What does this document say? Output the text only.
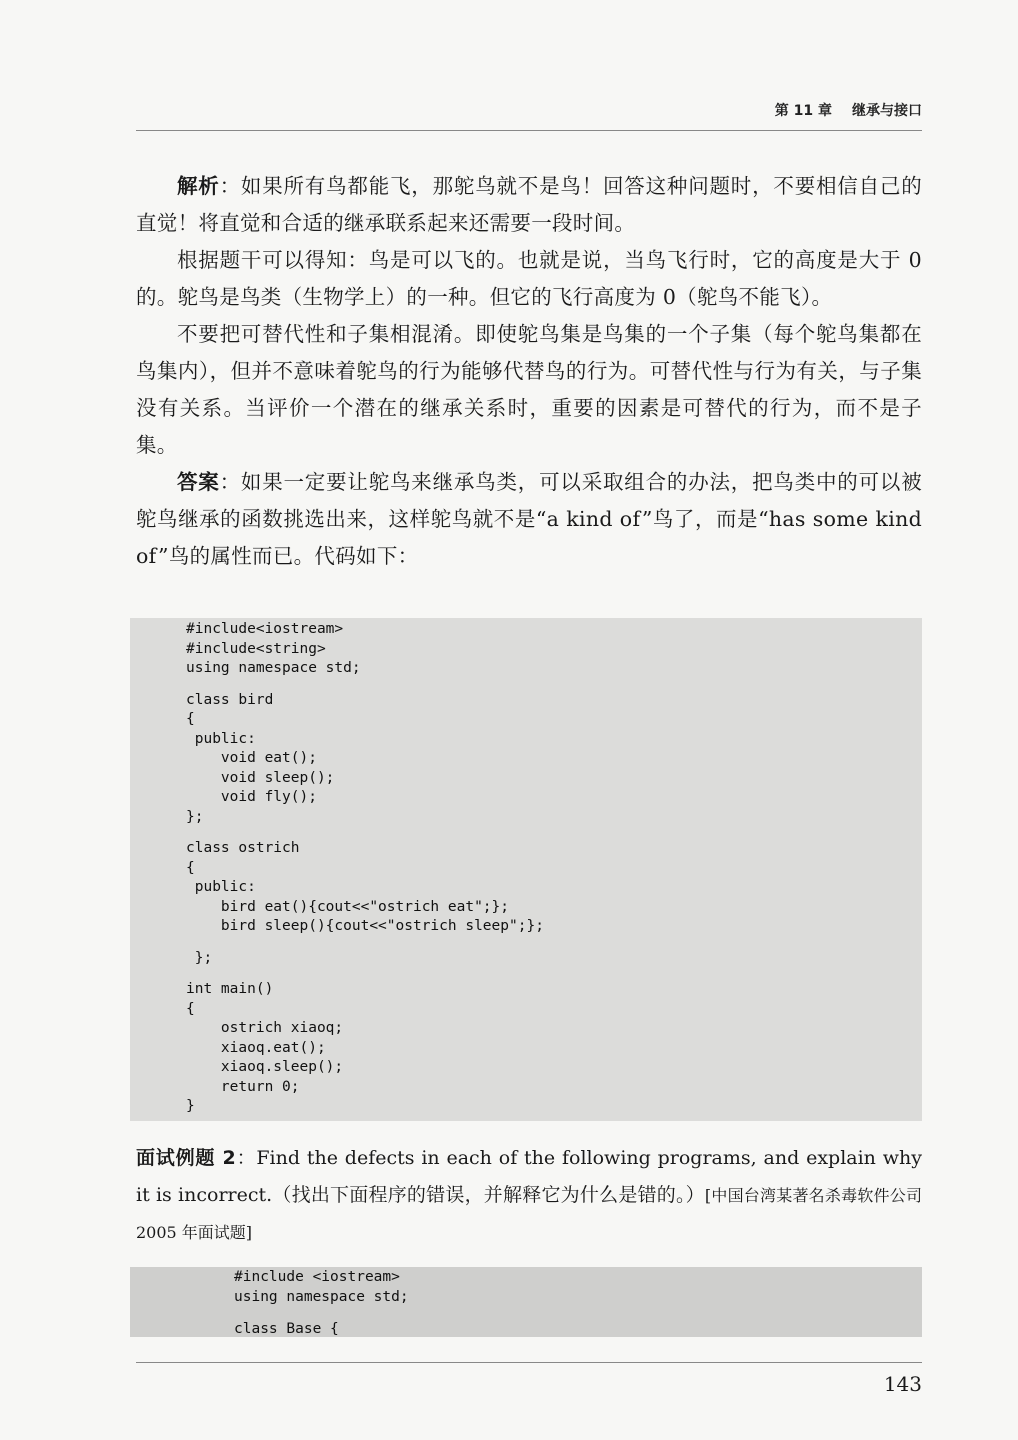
第 11 章 继承与接口

解析：如果所有鸟都能飞，那鸵鸟就不是鸟！回答这种问题时，不要相信自己的直觉！将直觉和合适的继承联系起来还需要一段时间。

根据题干可以得知：鸟是可以飞的。也就是说，当鸟飞行时，它的高度是大于 0 的。鸵鸟是鸟类（生物学上）的一种。但它的飞行高度为 0（鸵鸟不能飞）。

不要把可替代性和子集相混淆。即使鸵鸟集是鸟集的一个子集（每个鸵鸟集都在鸟集内），但并不意味着鸵鸟的行为能够代替鸟的行为。可替代性与行为有关，与子集没有关系。当评价一个潜在的继承关系时，重要的因素是可替代的行为，而不是子集。

答案：如果一定要让鸵鸟来继承鸟类，可以采取组合的办法，把鸟类中的可以被鸵鸟继承的函数挑选出来，这样鸵鸟就不是“a kind of”鸟了，而是“has some kind of”鸟的属性而已。代码如下：

#include<iostream>
#include<string>
using namespace std;
class bird
{
public:
void eat();
void sleep();
void fly();
};
class ostrich
{
public:
bird eat(){cout<<"ostrich eat";};
bird sleep(){cout<<"ostrich sleep";};
};
int main()
{
ostrich xiaoq;
xiaoq.eat();
xiaoq.sleep();
return 0;
}

面试例题 2：Find the defects in each of the following programs, and explain why it is incorrect.（找出下面程序的错误，并解释它为什么是错的。）[中国台湾某著名杀毒软件公司 2005 年面试题]

#include <iostream>
using namespace std;
class Base {
143
